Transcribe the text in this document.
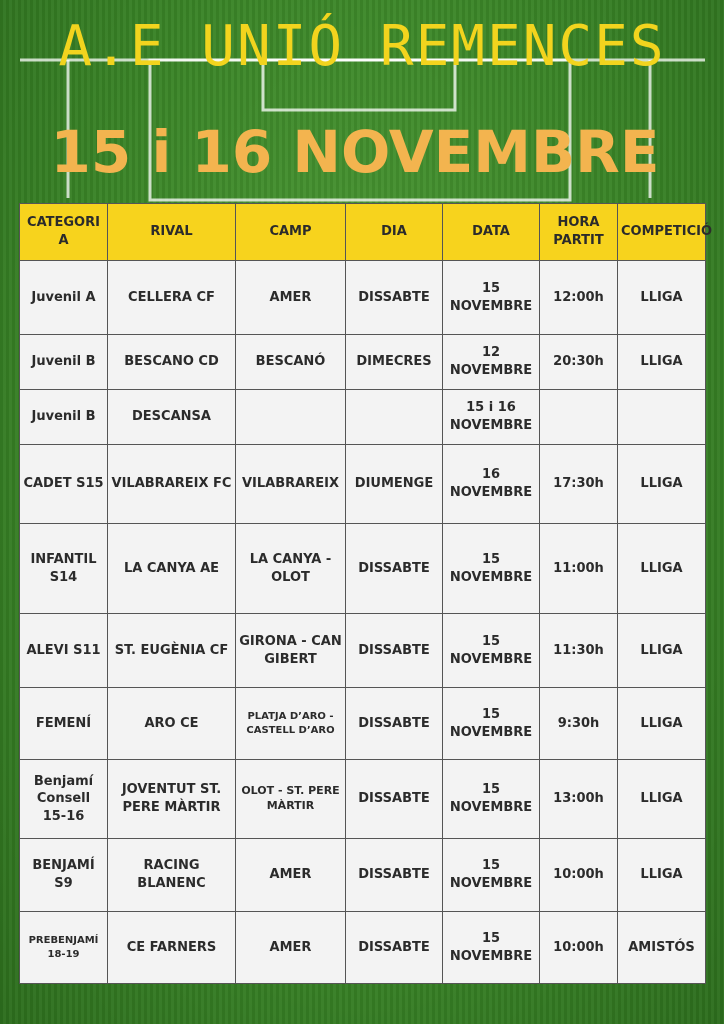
A.E UNIÓ REMENCES
15 i 16 NOVEMBRE
CATEGORI A	RIVAL	CAMP	DIA	DATA	HORA PARTIT	COMPETICIÓ
Juvenil A	CELLERA CF	AMER	DISSABTE	15 NOVEMBRE	12:00h	LLIGA
Juvenil B	BESCANO CD	BESCANÓ	DIMECRES	12 NOVEMBRE	20:30h	LLIGA
Juvenil B	DESCANSA			15 i 16 NOVEMBRE		
CADET S15	VILABRAREIX FC	VILABRAREIX	DIUMENGE	16 NOVEMBRE	17:30h	LLIGA
INFANTIL S14	LA CANYA AE	LA CANYA - OLOT	DISSABTE	15 NOVEMBRE	11:00h	LLIGA
ALEVI S11	ST. EUGÈNIA CF	GIRONA - CAN GIBERT	DISSABTE	15 NOVEMBRE	11:30h	LLIGA
FEMENÍ	ARO CE	PLATJA D’ARO - CASTELL D’ARO	DISSABTE	15 NOVEMBRE	9:30h	LLIGA
Benjamí Consell 15-16	JOVENTUT ST. PERE MÀRTIR	OLOT - ST. PERE MÀRTIR	DISSABTE	15 NOVEMBRE	13:00h	LLIGA
BENJAMÍ S9	RACING BLANENC	AMER	DISSABTE	15 NOVEMBRE	10:00h	LLIGA
PREBENJAMÍ 18-19	CE FARNERS	AMER	DISSABTE	15 NOVEMBRE	10:00h	AMISTÓS
